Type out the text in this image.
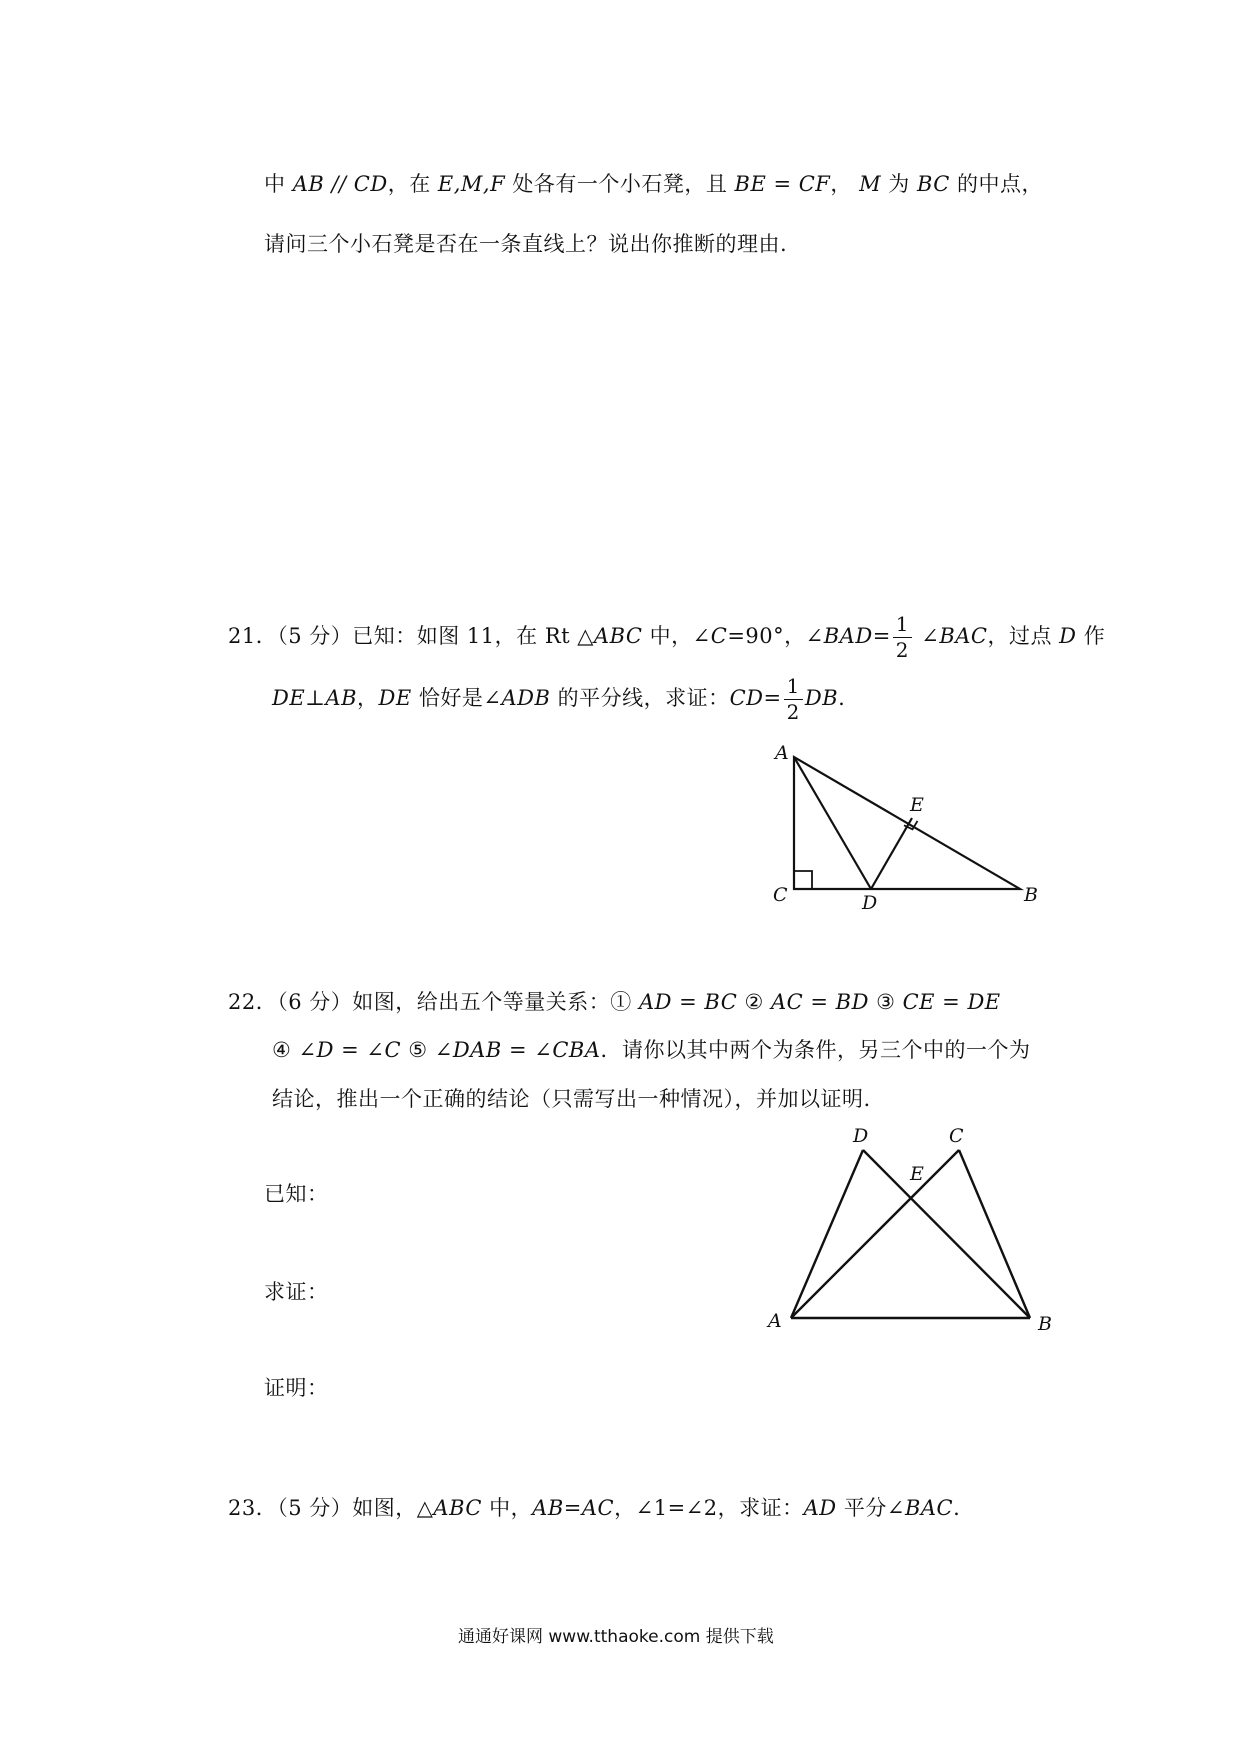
中 AB // CD，在 E,M,F 处各有一个小石凳，且 BE = CF， M 为 BC 的中点，
请问三个小石凳是否在一条直线上？说出你推断的理由.
21．（5 分）已知：如图 11，在 Rt △ABC 中，∠C=90°，∠BAD= $\frac{1}{2}$ ∠BAC，过点 D 作
DE⊥AB，DE 恰好是∠ADB 的平分线，求证：$CD= \frac{1}{2}$ DB.
A
C	D
E
B
22．（6 分）如图，给出五个等量关系：① AD = BC ② AC = BD ③ CE = DE
④ ∠D = ∠C ⑤ ∠DAB = ∠CBA．请你以其中两个为条件，另三个中的一个为
结论，推出一个正确的结论（只需写出一种情况），并加以证明.
已知：
求证：
证明：
D	C
E
A	B
23．（5 分）如图，△ABC 中，AB=AC，∠1=∠2，求证：AD 平分∠BAC.
通通好课网 www.tthaoke.com 提供下载
